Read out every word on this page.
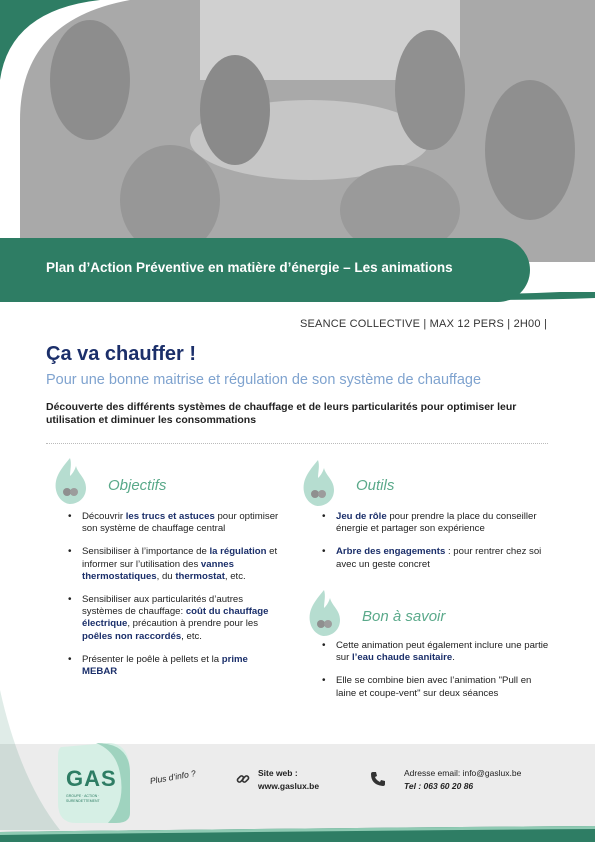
Plan d’Action Préventive en matière d’énergie – Les animations
SEANCE COLLECTIVE | MAX 12 PERS | 2H00 |
Ça va chauffer !
Pour une bonne maitrise et régulation de son système de chauffage
Découverte des différents systèmes de chauffage et de leurs particularités pour optimiser leur utilisation et diminuer les consommations
Objectifs
• Découvrir les trucs et astuces pour optimiser son système de chauffage central
• Sensibiliser à l’importance de la régulation et informer sur l’utilisation des vannes thermostatiques, du thermostat, etc.
• Sensibiliser aux particularités d’autres systèmes de chauffage: coût du chauffage électrique, précaution à prendre pour les poêles non raccordés, etc.
• Présenter le poêle à pellets et la prime MEBAR
Outils
• Jeu de rôle pour prendre la place du conseiller énergie et partager son expérience
• Arbre des engagements : pour rentrer chez soi avec un geste concret
Bon à savoir
• Cette animation peut également inclure une partie sur l’eau chaude sanitaire.
• Elle se combine bien avec l’animation "Pull en laine et coupe-vent" sur deux séances
GAS
GROUPE · ACTION · SURENDETTEMENT
Plus d’info ?	Site web :
www.gaslux.be
Adresse email: info@gaslux.be
Tel : 063 60 20 86
